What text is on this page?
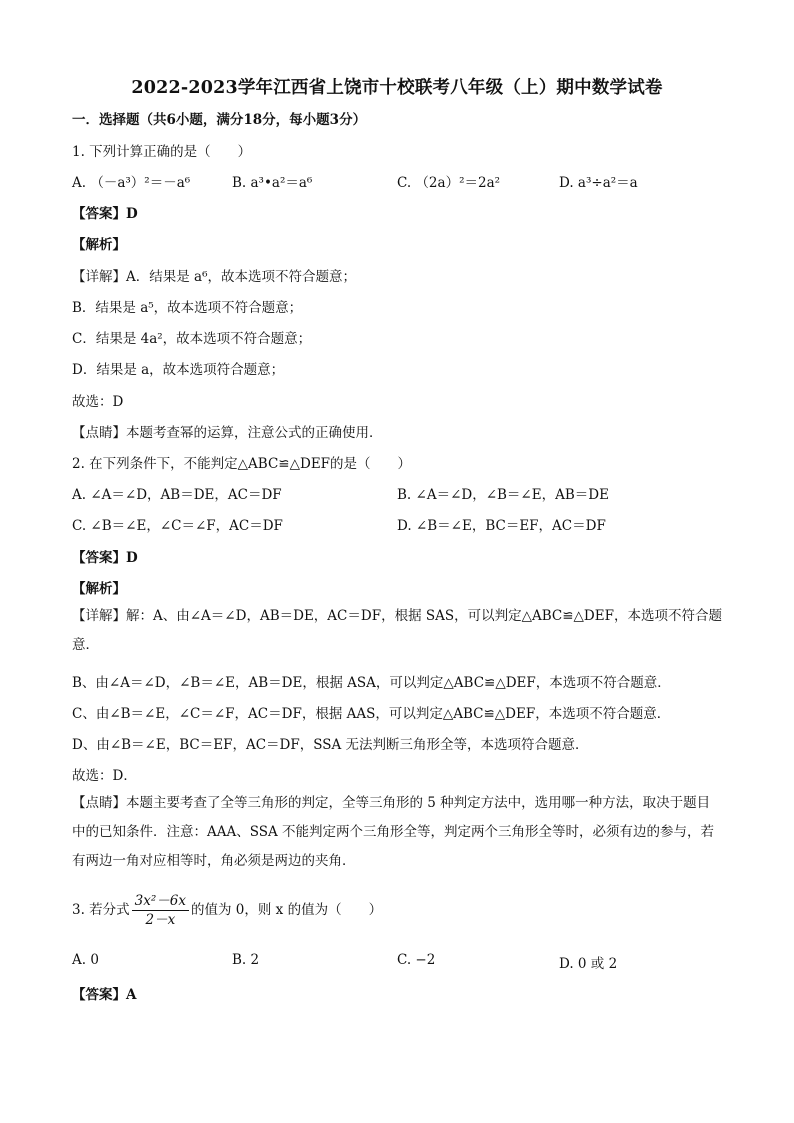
2022-2023学年江西省上饶市十校联考八年级（上）期中数学试卷
一．选择题（共6小题，满分18分，每小题3分）
1. 下列计算正确的是（　　）
A. （－a³）²＝－a⁶	B. a³•a²＝a⁶	C. （2a）²＝2a²	D. a³÷a²＝a
【答案】D
【解析】
【详解】A．结果是 a⁶，故本选项不符合题意；
B．结果是 a⁵，故本选项不符合题意；
C．结果是 4a²，故本选项不符合题意；
D．结果是 a，故本选项符合题意；
故选：D
【点睛】本题考查幂的运算，注意公式的正确使用．
2. 在下列条件下，不能判定△ABC≌△DEF的是（　　）
A. ∠A＝∠D，AB＝DE，AC＝DF	B. ∠A＝∠D，∠B＝∠E，AB＝DE
C. ∠B＝∠E，∠C＝∠F，AC＝DF	D. ∠B＝∠E，BC＝EF，AC＝DF
【答案】D
【解析】
【详解】解：A、由∠A＝∠D，AB＝DE，AC＝DF，根据 SAS，可以判定△ABC≌△DEF，本选项不符合题意．
B、由∠A＝∠D，∠B＝∠E，AB＝DE，根据 ASA，可以判定△ABC≌△DEF，本选项不符合题意．
C、由∠B＝∠E，∠C＝∠F，AC＝DF，根据 AAS，可以判定△ABC≌△DEF，本选项不符合题意．
D、由∠B＝∠E，BC＝EF，AC＝DF，SSA 无法判断三角形全等，本选项符合题意．
故选：D．
【点睛】本题主要考查了全等三角形的判定，全等三角形的 5 种判定方法中，选用哪一种方法，取决于题目中的已知条件．注意：AAA、SSA 不能判定两个三角形全等，判定两个三角形全等时，必须有边的参与，若有两边一角对应相等时，角必须是两边的夹角．
3. 若分式 $\frac{\text{3x²－6x}}{2-x}$ 的值为 0，则 x 的值为（　　）
A. 0	B. 2	C. −2	D. 0 或 2
【答案】A
